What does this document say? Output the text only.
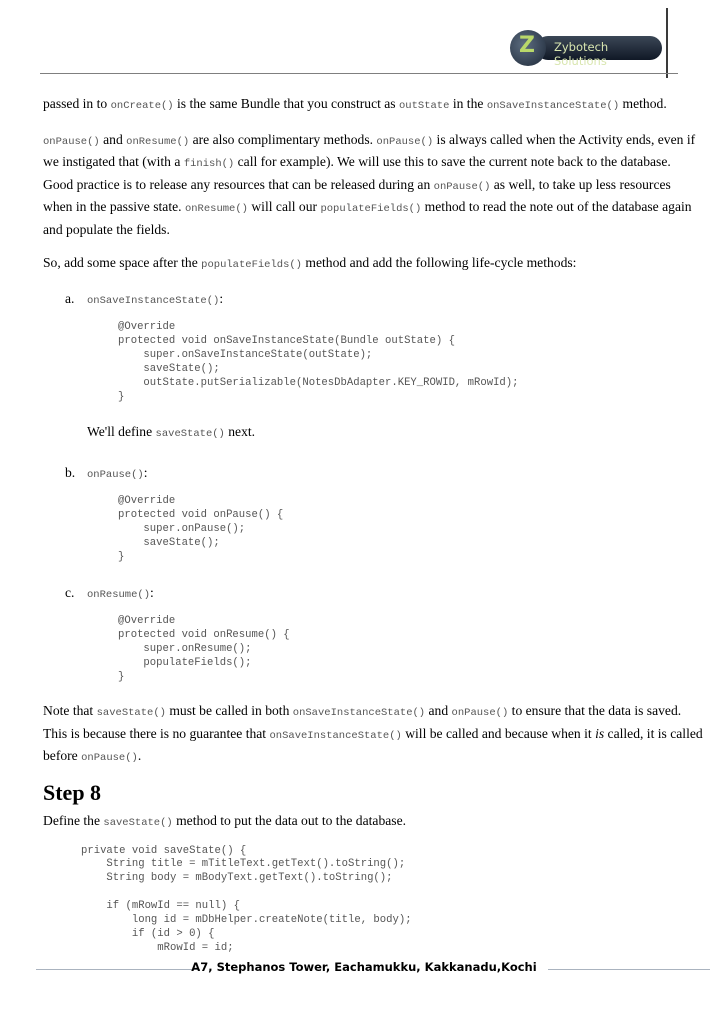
Zybotech Solutions
Z

passed in to onCreate() is the same Bundle that you construct as outState in the onSaveInstanceState() method.

onPause() and onResume() are also complimentary methods. onPause() is always called when the Activity ends, even if we instigated that (with a finish() call for example). We will use this to save the current note back to the database. Good practice is to release any resources that can be released during an onPause() as well, to take up less resources when in the passive state. onResume() will call our populateFields() method to read the note out of the database again and populate the fields.

So, add some space after the populateFields() method and add the following life-cycle methods:

a. onSaveInstanceState():
@Override
protected void onSaveInstanceState(Bundle outState) {
super.onSaveInstanceState(outState);
saveState();
outState.putSerializable(NotesDbAdapter.KEY_ROWID, mRowId);
}
We'll define saveState() next.
b. onPause():
@Override
protected void onPause() {
super.onPause();
saveState();
}
c. onResume():
@Override
protected void onResume() {
super.onResume();
populateFields();
}

Note that saveState() must be called in both onSaveInstanceState() and onPause() to ensure that the data is saved. This is because there is no guarantee that onSaveInstanceState() will be called and because when it is called, it is called before onPause().

Step 8

Define the saveState() method to put the data out to the database.

private void saveState() {
String title = mTitleText.getText().toString();
String body = mBodyText.getText().toString();

if (mRowId == null) {
long id = mDbHelper.createNote(title, body);
if (id > 0) {
mRowId = id;
A7, Stephanos Tower, Eachamukku, Kakkanadu,Kochi
